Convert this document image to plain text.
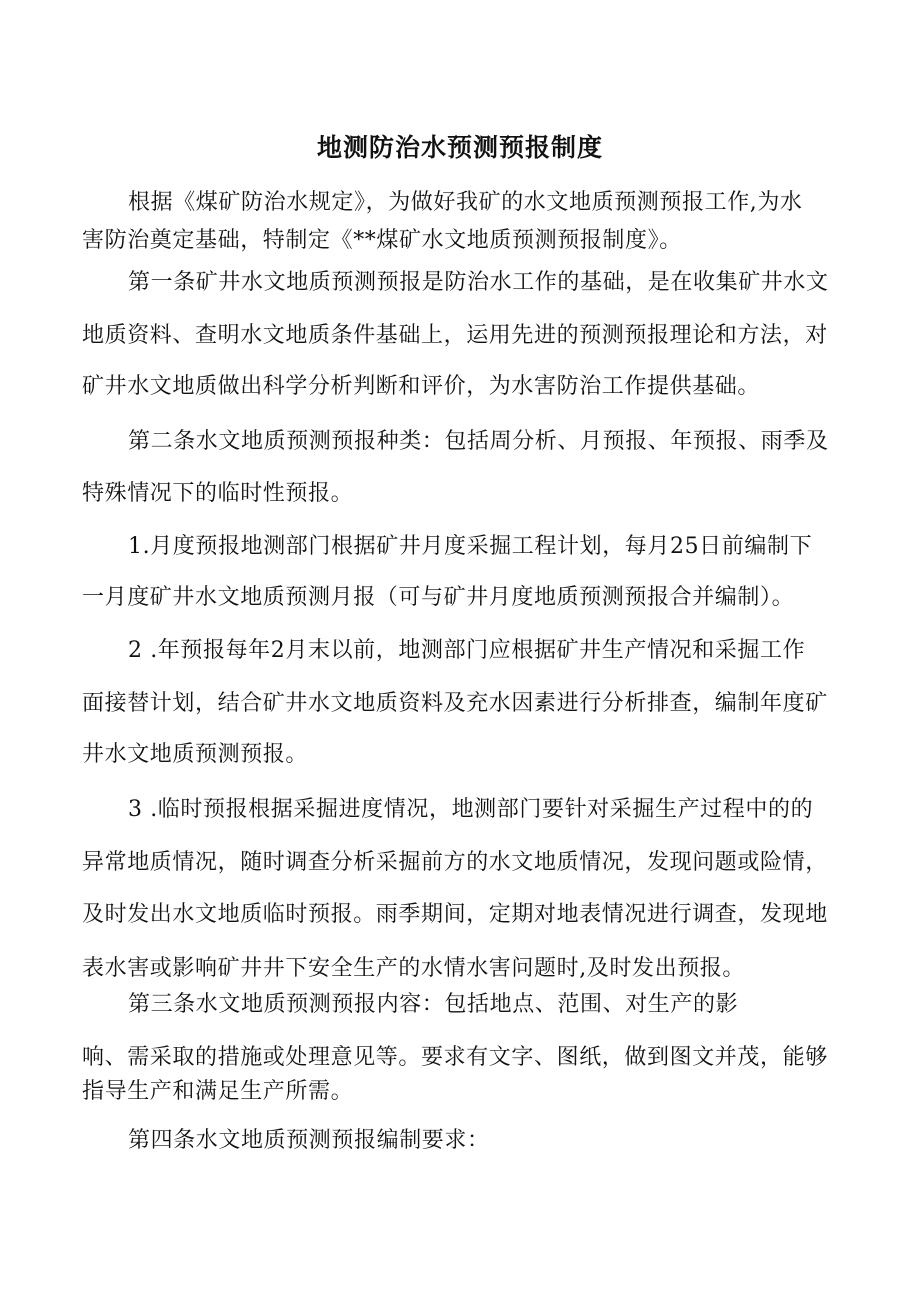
地测防治水预测预报制度

根据《煤矿防治水规定》，为做好我矿的水文地质预测预报工作,为水

害防治奠定基础，特制定《**煤矿水文地质预测预报制度》。

第一条矿井水文地质预测预报是防治水工作的基础，是在收集矿井水文

地质资料、查明水文地质条件基础上，运用先进的预测预报理论和方法，对

矿井水文地质做出科学分析判断和评价，为水害防治工作提供基础。

第二条水文地质预测预报种类：包括周分析、月预报、年预报、雨季及

特殊情况下的临时性预报。

1.月度预报地测部门根据矿井月度采掘工程计划，每月25日前编制下

一月度矿井水文地质预测月报（可与矿井月度地质预测预报合并编制）。

2 .年预报每年2月末以前，地测部门应根据矿井生产情况和采掘工作

面接替计划，结合矿井水文地质资料及充水因素进行分析排查，编制年度矿

井水文地质预测预报。

3 .临时预报根据采掘进度情况，地测部门要针对采掘生产过程中的的

异常地质情况，随时调查分析采掘前方的水文地质情况，发现问题或险情，

及时发出水文地质临时预报。雨季期间，定期对地表情况进行调查，发现地

表水害或影响矿井井下安全生产的水情水害问题时,及时发出预报。

第三条水文地质预测预报内容：包括地点、范围、对生产的影

响、需采取的措施或处理意见等。要求有文字、图纸，做到图文并茂，能够

指导生产和满足生产所需。

第四条水文地质预测预报编制要求：
